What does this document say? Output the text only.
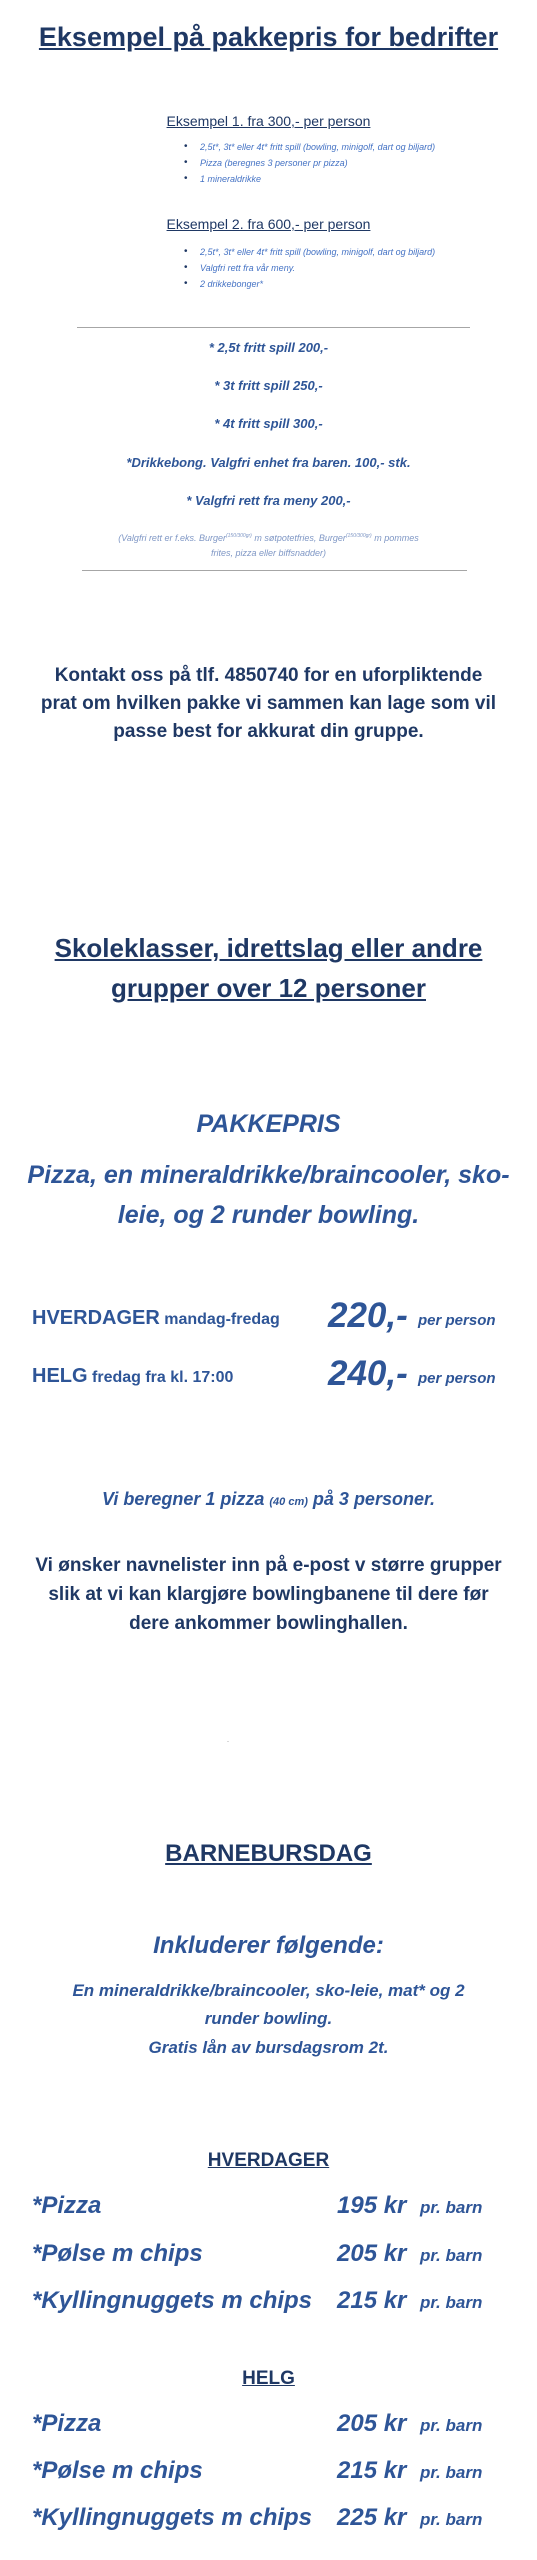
Eksempel på pakkepris for bedrifter
Eksempel 1. fra 300,- per person
• 2,5t*, 3t* eller 4t* fritt spill (bowling, minigolf, dart og biljard)
• Pizza (beregnes 3 personer pr pizza)
• 1 mineraldrikke
Eksempel 2. fra 600,- per person
• 2,5t*, 3t* eller 4t* fritt spill (bowling, minigolf, dart og biljard)
• Valgfri rett fra vår meny.
• 2 drikkebonger*
* 2,5t fritt spill 200,-
* 3t fritt spill 250,-
* 4t fritt spill 300,-
*Drikkebong. Valgfri enhet fra baren. 100,- stk.
* Valgfri rett fra meny 200,-
(Valgfri rett er f.eks. Burger$^{(150/300gr)}$ m søtpotetfries, Burger$^{(150/300gr)}$ m pommes frites, pizza eller biffsnadder)

Kontakt oss på tlf. 4850740 for en uforpliktende prat om hvilken pakke vi sammen kan lage som vil passe best for akkurat din gruppe.

Skoleklasser, idrettslag eller andre grupper over 12 personer
PAKKEPRIS
Pizza, en mineraldrikke/braincooler, sko-leie, og 2 runder bowling.
HVERDAGER mandag-fredag 220,- per person
HELG fredag fra kl. 17:00	240,- per person
Vi beregner 1 pizza (40 cm) på 3 personer.

Vi ønsker navnelister inn på e-post v større grupper slik at vi kan klargjøre bowlingbanene til dere før dere ankommer bowlinghallen.

BARNEBURSDAG
Inkluderer følgende:
En mineraldrikke/braincooler, sko-leie, mat* og 2 runder bowling.
Gratis lån av bursdagsrom 2t.
HVERDAGER
*Pizza	195 kr pr. barn
*Pølse m chips	205 kr pr. barn
*Kyllingnuggets m chips 215 kr pr. barn
HELG
*Pizza	205 kr pr. barn
*Pølse m chips	215 kr pr. barn
*Kyllingnuggets m chips 225 kr pr. barn
